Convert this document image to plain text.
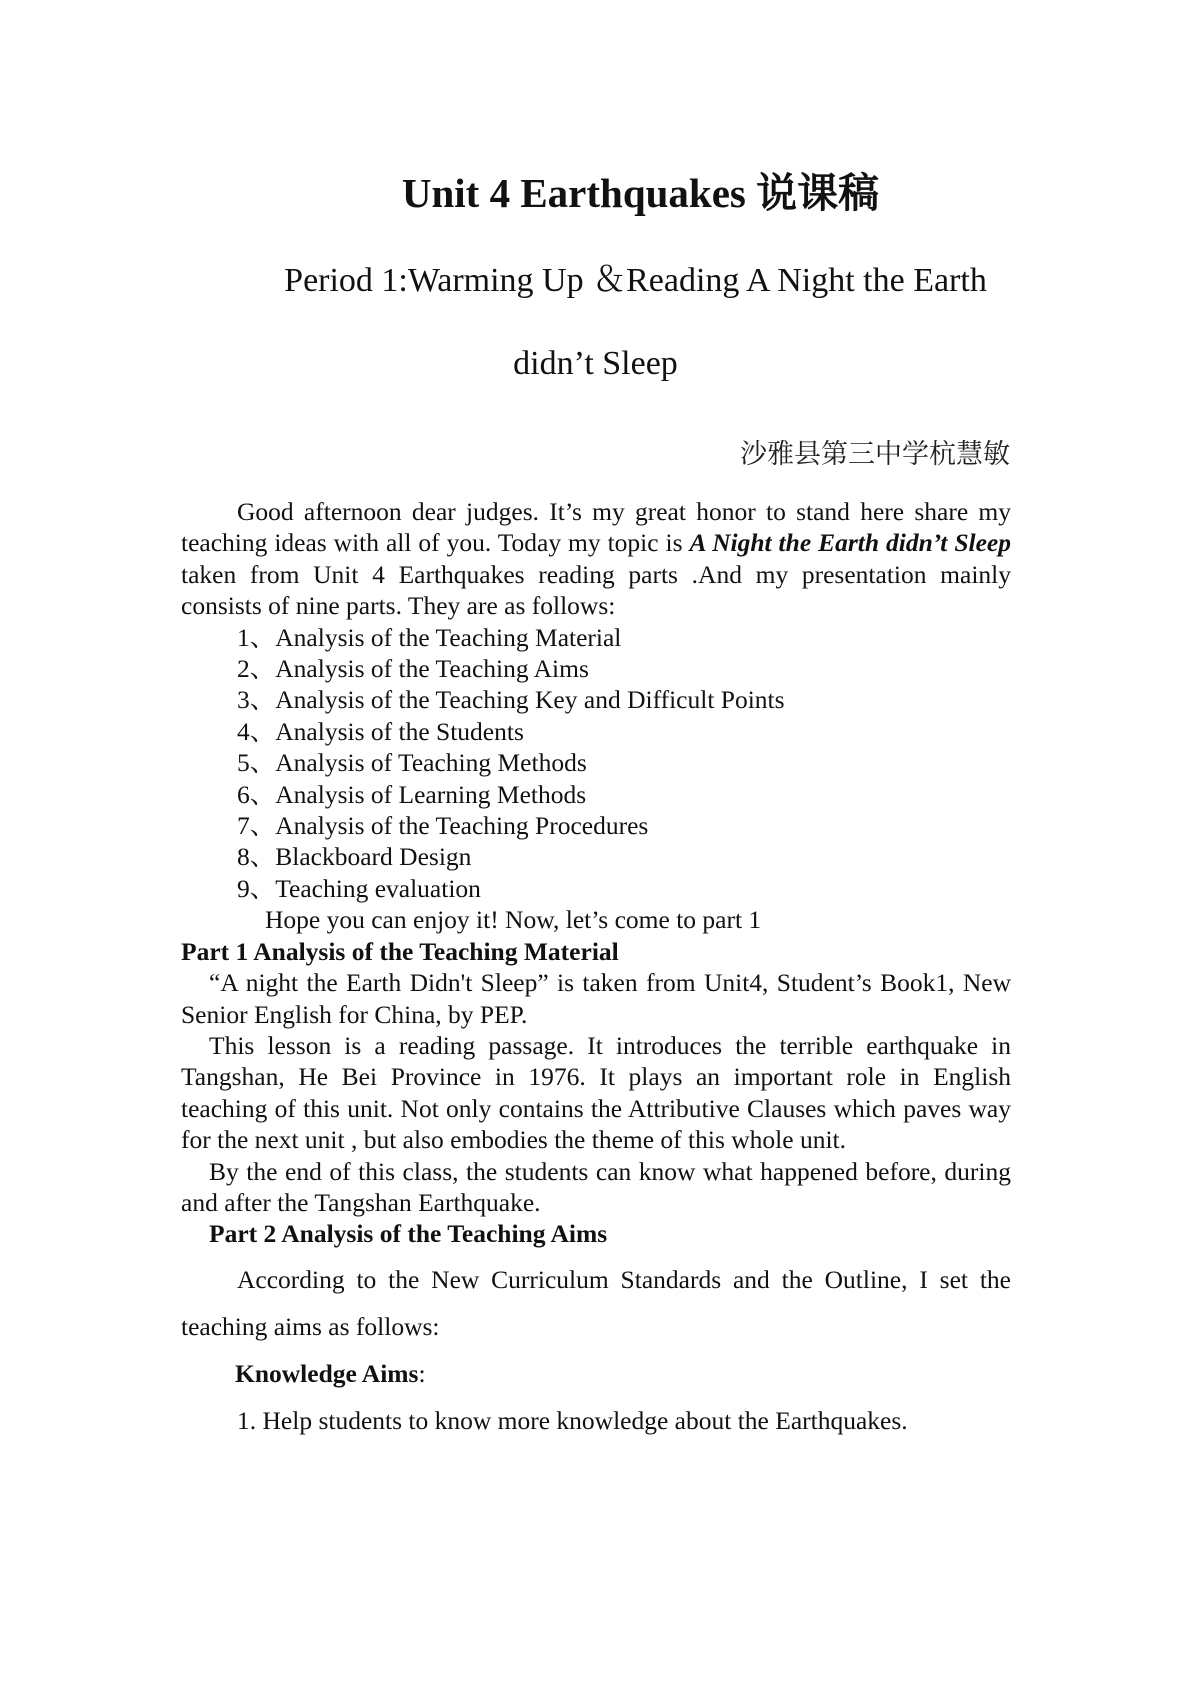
Unit 4 Earthquakes 说课稿
Period 1:Warming Up ＆Reading A Night the Earth
didn’t Sleep
沙雅县第三中学杭慧敏

Good afternoon dear judges. It’s my great honor to stand here share my teaching ideas with all of you. Today my topic is A Night the Earth didn’t Sleep taken from Unit 4 Earthquakes reading parts .And my presentation mainly consists of nine parts. They are as follows:

1、Analysis of the Teaching Material
2、Analysis of the Teaching Aims
3、Analysis of the Teaching Key and Difficult Points
4、Analysis of the Students
5、Analysis of Teaching Methods
6、Analysis of Learning Methods
7、Analysis of the Teaching Procedures
8、Blackboard Design
9、Teaching evaluation

Hope you can enjoy it! Now, let’s come to part 1

Part 1 Analysis of the Teaching Material

“A night the Earth Didn't Sleep” is taken from Unit4, Student’s Book1, New Senior English for China, by PEP.

This lesson is a reading passage. It introduces the terrible earthquake in Tangshan, He Bei Province in 1976. It plays an important role in English teaching of this unit. Not only contains the Attributive Clauses which paves way for the next unit , but also embodies the theme of this whole unit.

By the end of this class, the students can know what happened before, during and after the Tangshan Earthquake.

Part 2 Analysis of the Teaching Aims

According to the New Curriculum Standards and the Outline, I set the teaching aims as follows:

Knowledge Aims:

1. Help students to know more knowledge about the Earthquakes.
